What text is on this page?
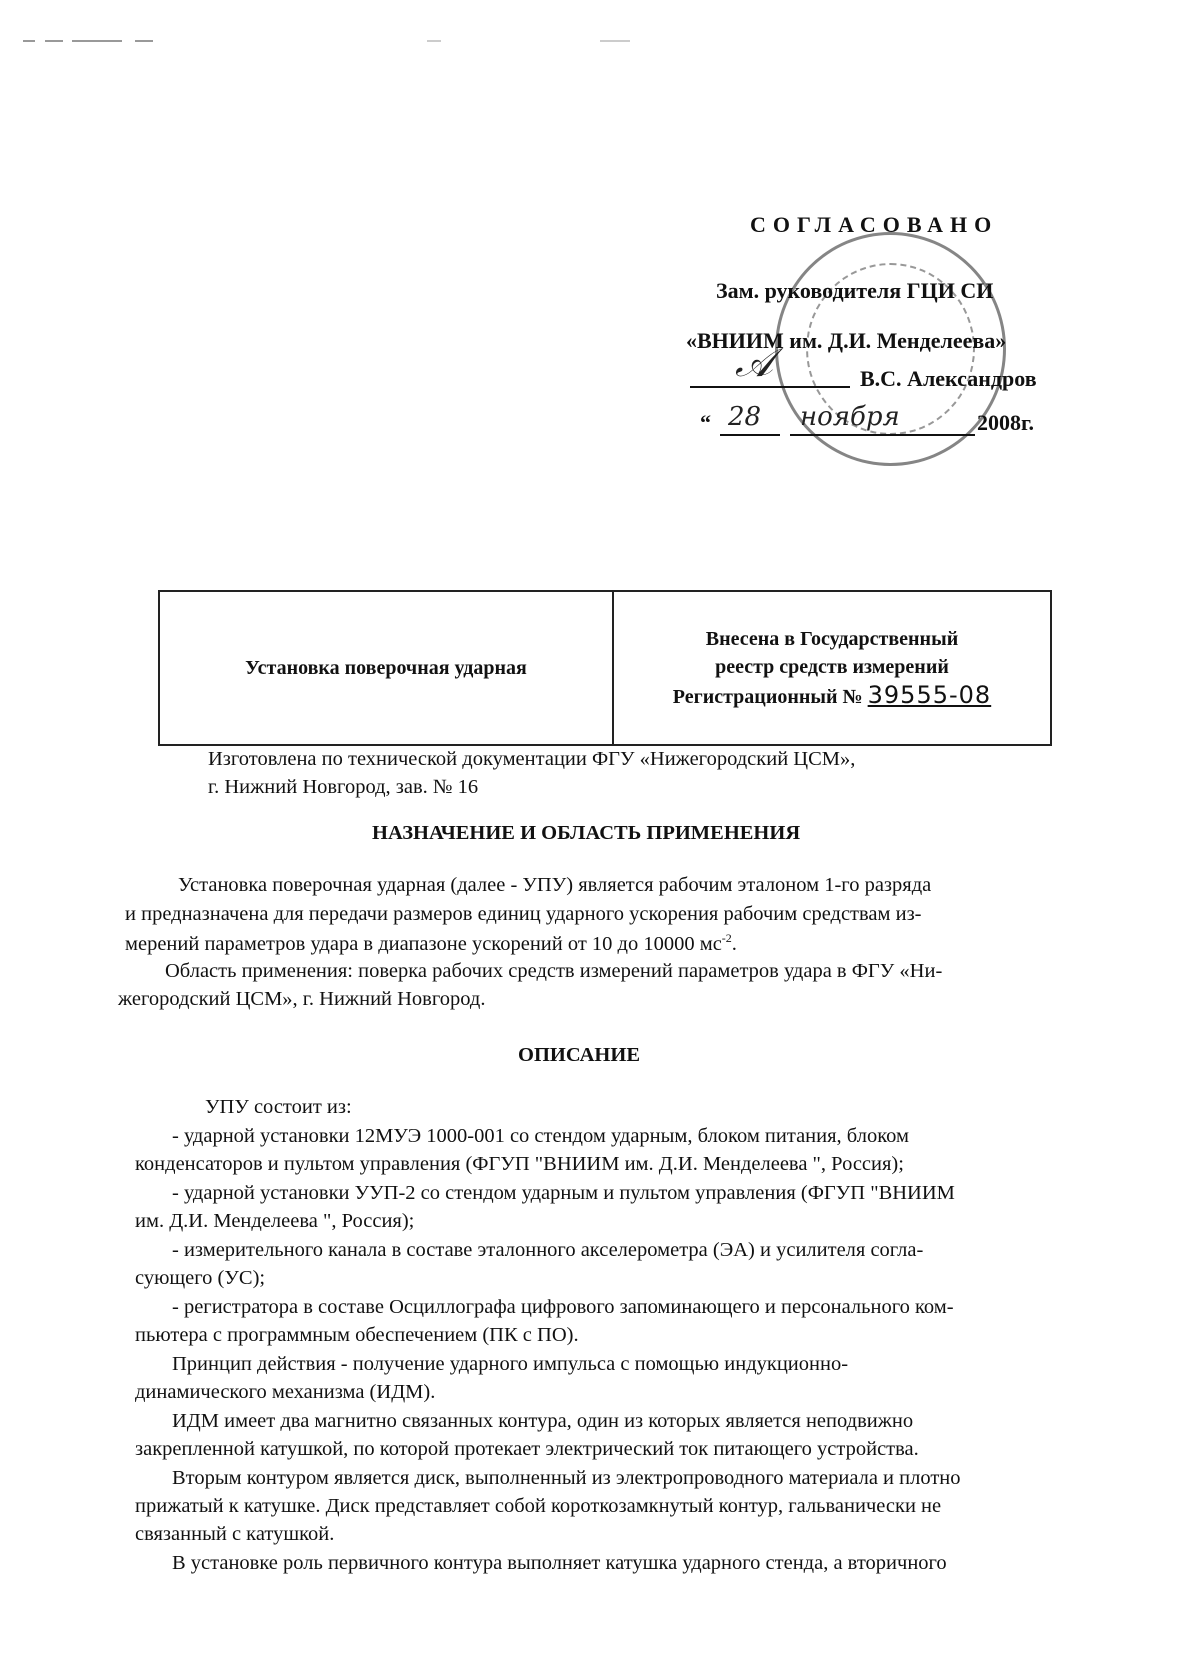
СОГЛАСОВАНО
Зам. руководителя ГЦИ СИ
«ВНИИМ им. Д.И. Менделеева»
𝒜	В.С. Александров
“ 28 ноября	2008г.
Установка поверочная ударная
Внесена в Государственный
реестр средств измерений
Регистрационный № 39555-08
Изготовлена по технической документации ФГУ «Нижегородский ЦСМ»,
г. Нижний Новгород, зав. № 16
НАЗНАЧЕНИЕ И ОБЛАСТЬ ПРИМЕНЕНИЯ
Установка поверочная ударная (далее - УПУ) является рабочим эталоном 1-го разряда
и предназначена для передачи размеров единиц ударного ускорения рабочим средствам из-
мерений параметров удара в диапазоне ускорений от 10 до 10000 $мс^{-2}$.
Область применения: поверка рабочих средств измерений параметров удара в ФГУ «Ни-
жегородский ЦСМ», г. Нижний Новгород.
ОПИСАНИЕ
УПУ состоит из:
- ударной установки 12МУЭ 1000-001 со стендом ударным, блоком питания, блоком
конденсаторов и пультом управления (ФГУП "ВНИИМ им. Д.И. Менделеева ", Россия);
- ударной установки УУП-2 со стендом ударным и пультом управления (ФГУП "ВНИИМ
им. Д.И. Менделеева ", Россия);
- измерительного канала в составе эталонного акселерометра (ЭА) и усилителя согла-
сующего (УС);
- регистратора в составе Осциллографа цифрового запоминающего и персонального ком-
пьютера с программным обеспечением (ПК с ПО).
Принцип действия - получение ударного импульса с помощью индукционно-
динамического механизма (ИДМ).
ИДМ имеет два магнитно связанных контура, один из которых является неподвижно
закрепленной катушкой, по которой протекает электрический ток питающего устройства.
Вторым контуром является диск, выполненный из электропроводного материала и плотно
прижатый к катушке. Диск представляет собой короткозамкнутый контур, гальванически не
связанный с катушкой.
В установке роль первичного контура выполняет катушка ударного стенда, а вторичного
